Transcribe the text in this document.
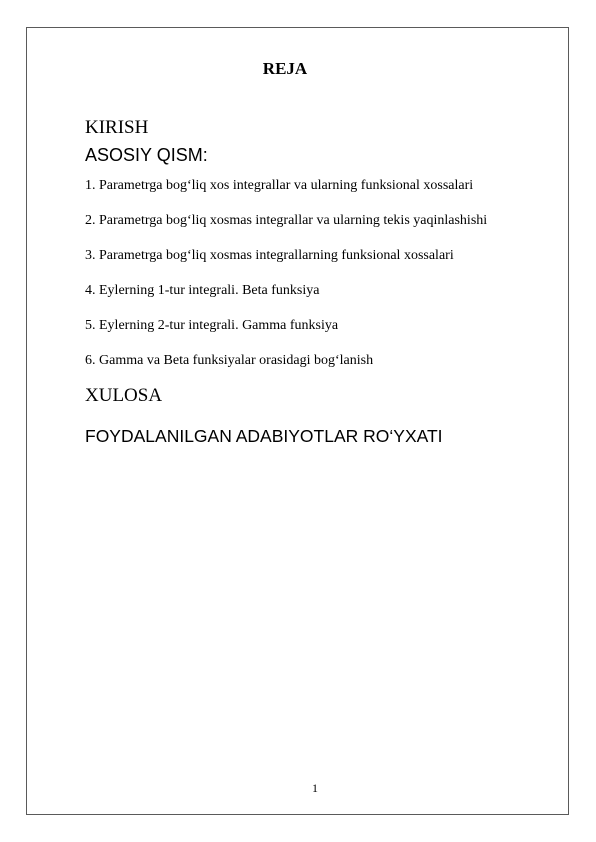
REJA
KIRISH
ASOSIY QISM:
1. Parametrga bog‘liq xos integrallar va ularning funksional xossalari
2. Parametrga bog‘liq xosmas integrallar va ularning tekis yaqinlashishi
3. Parametrga bog‘liq xosmas integrallarning funksional xossalari
4. Eylerning 1-tur integrali. Beta funksiya
5. Eylerning 2-tur integrali. Gamma funksiya
6. Gamma va Beta funksiyalar orasidagi bog‘lanish
XULOSA
FOYDALANILGAN ADABIYOTLAR RO‘YXATI
1
